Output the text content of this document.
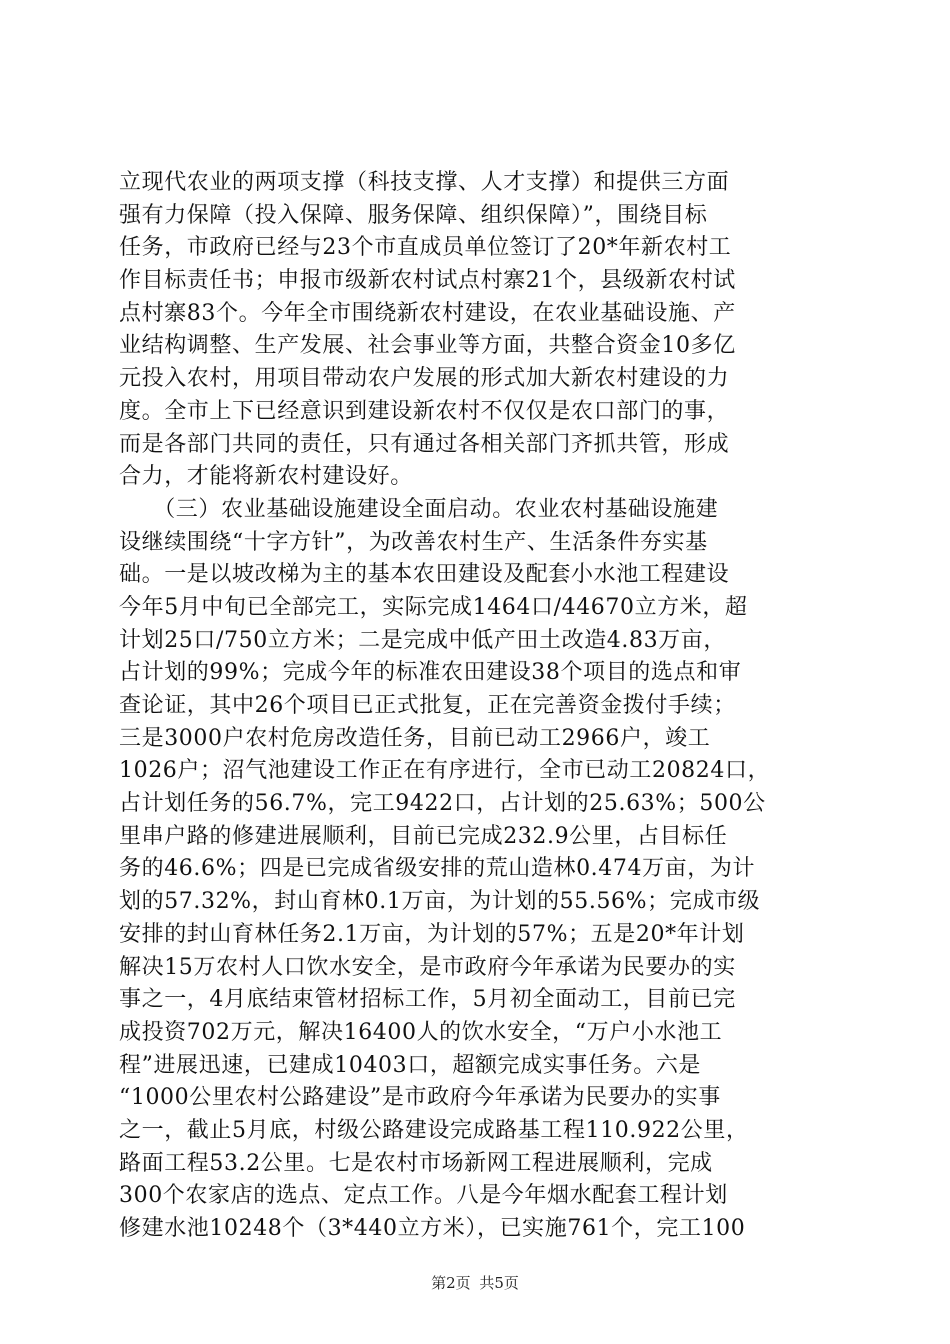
立现代农业的两项支撑（科技支撑、人才支撑）和提供三方面
强有力保障（投入保障、服务保障、组织保障）”，围绕目标
任务，市政府已经与23个市直成员单位签订了20*年新农村工
作目标责任书；申报市级新农村试点村寨21个，县级新农村试
点村寨83个。今年全市围绕新农村建设，在农业基础设施、产
业结构调整、生产发展、社会事业等方面，共整合资金10多亿
元投入农村，用项目带动农户发展的形式加大新农村建设的力
度。全市上下已经意识到建设新农村不仅仅是农口部门的事，
而是各部门共同的责任，只有通过各相关部门齐抓共管，形成
合力，才能将新农村建设好。
　　（三）农业基础设施建设全面启动。农业农村基础设施建
设继续围绕“十字方针”，为改善农村生产、生活条件夯实基
础。一是以坡改梯为主的基本农田建设及配套小水池工程建设
今年5月中旬已全部完工，实际完成1464口/44670立方米，超
计划25口/750立方米；二是完成中低产田土改造4.83万亩，
占计划的99%；完成今年的标准农田建设38个项目的选点和审
查论证，其中26个项目已正式批复，正在完善资金拨付手续；
三是3000户农村危房改造任务，目前已动工2966户，竣工
1026户；沼气池建设工作正在有序进行，全市已动工20824口，
占计划任务的56.7%，完工9422口，占计划的25.63%；500公
里串户路的修建进展顺利，目前已完成232.9公里，占目标任
务的46.6%；四是已完成省级安排的荒山造林0.474万亩，为计
划的57.32%，封山育林0.1万亩，为计划的55.56%；完成市级
安排的封山育林任务2.1万亩，为计划的57%；五是20*年计划
解决15万农村人口饮水安全，是市政府今年承诺为民要办的实
事之一，4月底结束管材招标工作，5月初全面动工，目前已完
成投资702万元，解决16400人的饮水安全，“万户小水池工
程”进展迅速，已建成10403口，超额完成实事任务。六是
“1000公里农村公路建设”是市政府今年承诺为民要办的实事
之一，截止5月底，村级公路建设完成路基工程110.922公里，
路面工程53.2公里。七是农村市场新网工程进展顺利，完成
300个农家店的选点、定点工作。八是今年烟水配套工程计划
修建水池10248个（3*440立方米），已实施761个，完工100
第2页 共5页
